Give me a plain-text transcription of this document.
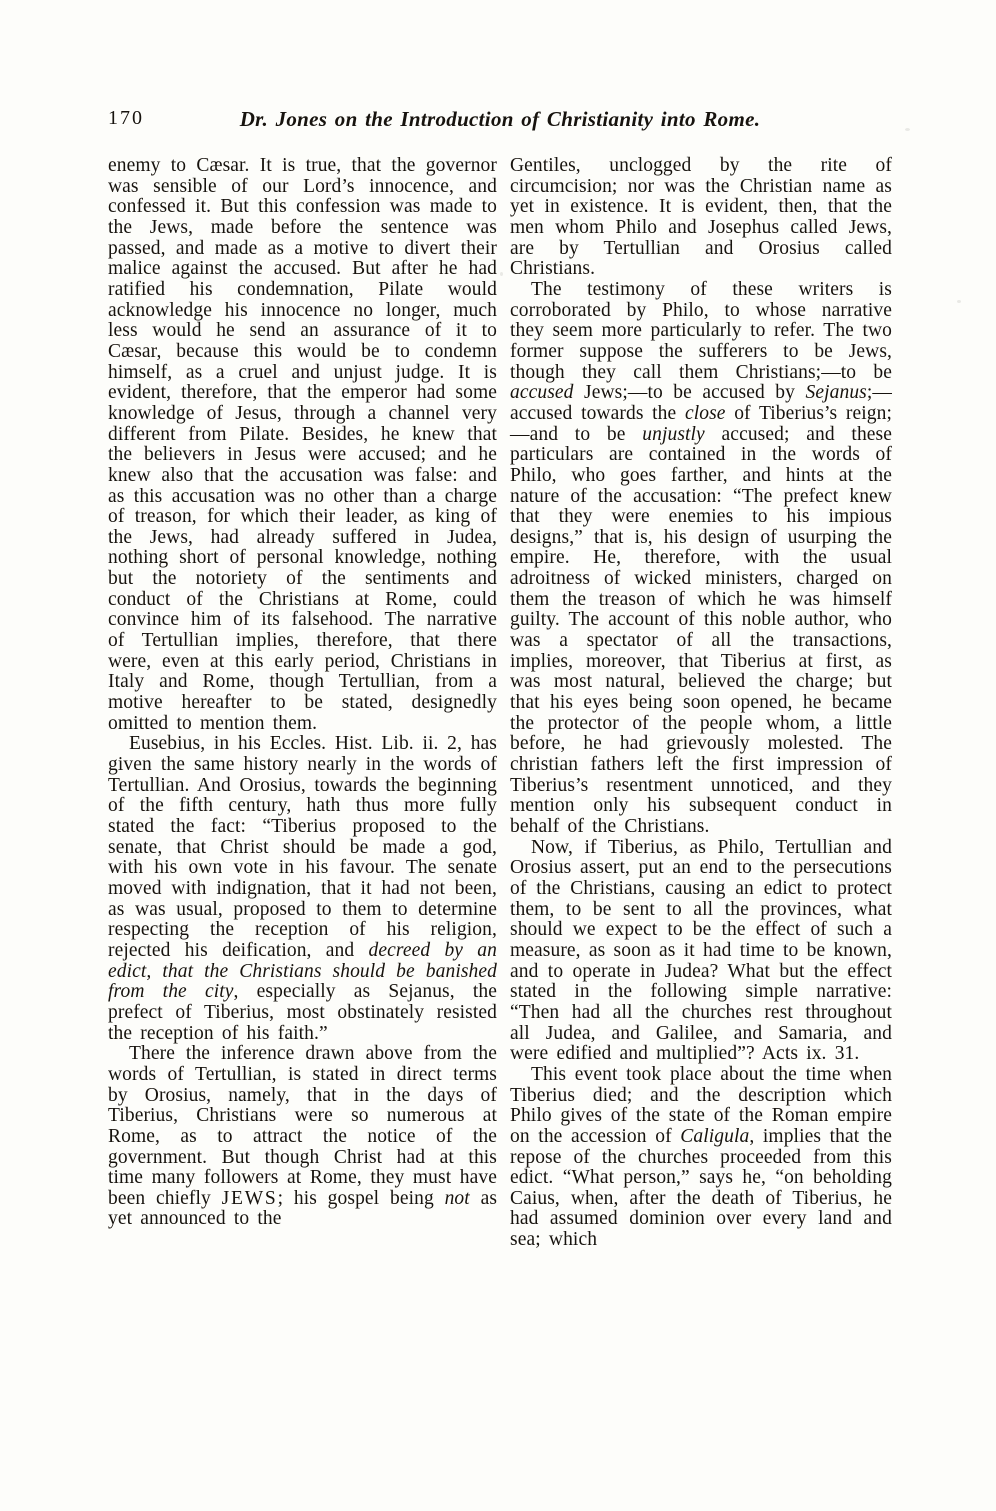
170	Dr. Jones on the Introduction of Christianity into Rome.

enemy to Cæsar. It is true, that the governor was sensible of our Lord’s innocence, and confessed it. But this confession was made to the Jews, made before the sentence was passed, and made as a motive to divert their malice against the accused. But after he had ratified his condemnation, Pilate would acknowledge his innocence no longer, much less would he send an assurance of it to Cæsar, because this would be to condemn himself, as a cruel and unjust judge. It is evident, therefore, that the emperor had some knowledge of Jesus, through a channel very different from Pilate. Besides, he knew that the believers in Jesus were accused; and he knew also that the accusation was false: and as this accusation was no other than a charge of treason, for which their leader, as king of the Jews, had already suffered in Judea, nothing short of personal knowledge, nothing but the notoriety of the sentiments and conduct of the Christians at Rome, could convince him of its falsehood. The narrative of Tertullian implies, therefore, that there were, even at this early period, Christians in Italy and Rome, though Tertullian, from a motive hereafter to be stated, designedly omitted to mention them.

Eusebius, in his Eccles. Hist. Lib. ii. 2, has given the same history nearly in the words of Tertullian. And Orosius, towards the beginning of the fifth century, hath thus more fully stated the fact: “Tiberius proposed to the senate, that Christ should be made a god, with his own vote in his favour. The senate moved with indignation, that it had not been, as was usual, proposed to them to determine respecting the reception of his religion, rejected his deification, and decreed by an edict, that the Christians should be banished from the city, especially as Sejanus, the prefect of Tiberius, most obstinately resisted the reception of his faith.”

There the inference drawn above from the words of Tertullian, is stated in direct terms by Orosius, namely, that in the days of Tiberius, Christians were so numerous at Rome, as to attract the notice of the government. But though Christ had at this time many followers at Rome, they must have been chiefly JEWS; his gospel being not as yet announced to the

Gentiles, unclogged by the rite of circumcision; nor was the Christian name as yet in existence. It is evident, then, that the men whom Philo and Josephus called Jews, are by Tertullian and Orosius called Christians.

The testimony of these writers is corroborated by Philo, to whose narrative they seem more particularly to refer. The two former suppose the sufferers to be Jews, though they call them Christians;—to be accused Jews;—to be accused by Sejanus;—accused towards the close of Tiberius’s reign;—and to be unjustly accused; and these particulars are contained in the words of Philo, who goes farther, and hints at the nature of the accusation: “The prefect knew that they were enemies to his impious designs,” that is, his design of usurping the empire. He, therefore, with the usual adroitness of wicked ministers, charged on them the treason of which he was himself guilty. The account of this noble author, who was a spectator of all the transactions, implies, moreover, that Tiberius at first, as was most natural, believed the charge; but that his eyes being soon opened, he became the protector of the people whom, a little before, he had grievously molested. The christian fathers left the first impression of Tiberius’s resentment unnoticed, and they mention only his subsequent conduct in behalf of the Christians.

Now, if Tiberius, as Philo, Tertullian and Orosius assert, put an end to the persecutions of the Christians, causing an edict to protect them, to be sent to all the provinces, what should we expect to be the effect of such a measure, as soon as it had time to be known, and to operate in Judea? What but the effect stated in the following simple narrative: “Then had all the churches rest throughout all Judea, and Galilee, and Samaria, and were edified and multiplied”? Acts ix. 31.

This event took place about the time when Tiberius died; and the description which Philo gives of the state of the Roman empire on the accession of Caligula, implies that the repose of the churches proceeded from this edict. “What person,” says he, “on beholding Caius, when, after the death of Tiberius, he had assumed dominion over every land and sea; which
